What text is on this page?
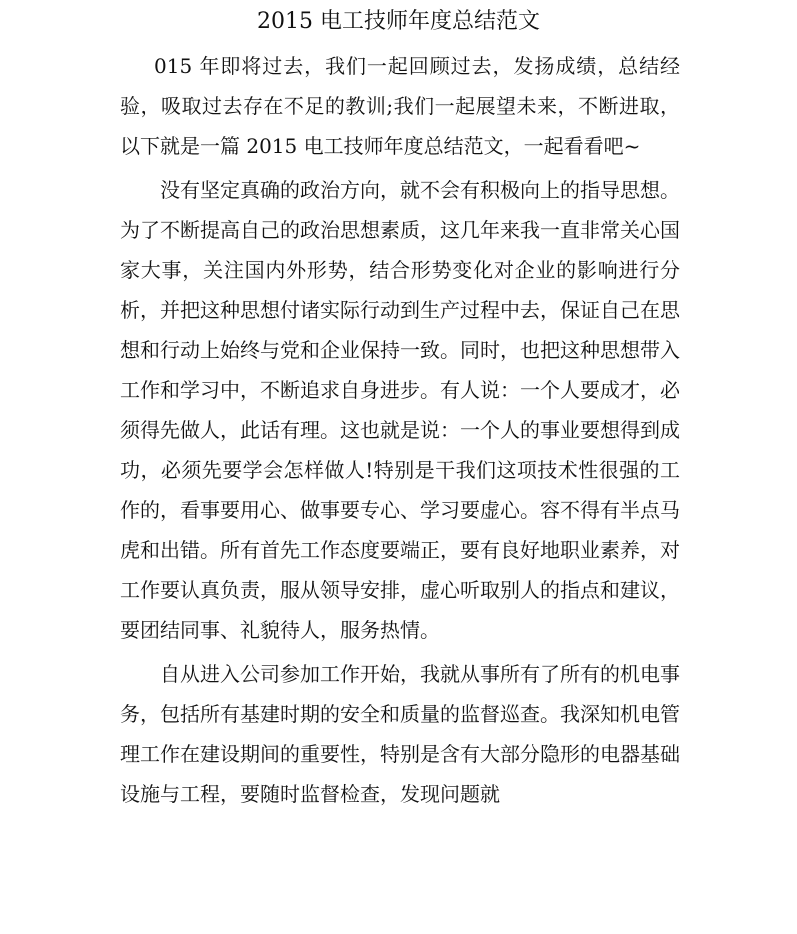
2015 电工技师年度总结范文

015 年即将过去，我们一起回顾过去，发扬成绩，总结经验，吸取过去存在不足的教训;我们一起展望未来，不断进取，以下就是一篇 2015 电工技师年度总结范文，一起看看吧~

没有坚定真确的政治方向，就不会有积极向上的指导思想。为了不断提高自己的政治思想素质，这几年来我一直非常关心国家大事，关注国内外形势，结合形势变化对企业的影响进行分析，并把这种思想付诸实际行动到生产过程中去，保证自己在思想和行动上始终与党和企业保持一致。同时，也把这种思想带入工作和学习中，不断追求自身进步。有人说：一个人要成才，必须得先做人，此话有理。这也就是说：一个人的事业要想得到成功，必须先要学会怎样做人!特别是干我们这项技术性很强的工作的，看事要用心、做事要专心、学习要虚心。容不得有半点马虎和出错。所有首先工作态度要端正，要有良好地职业素养，对工作要认真负责，服从领导安排，虚心听取别人的指点和建议，要团结同事、礼貌待人，服务热情。

自从进入公司参加工作开始，我就从事所有了所有的机电事务，包括所有基建时期的安全和质量的监督巡查。我深知机电管理工作在建设期间的重要性，特别是含有大部分隐形的电器基础设施与工程，要随时监督检查，发现问题就
